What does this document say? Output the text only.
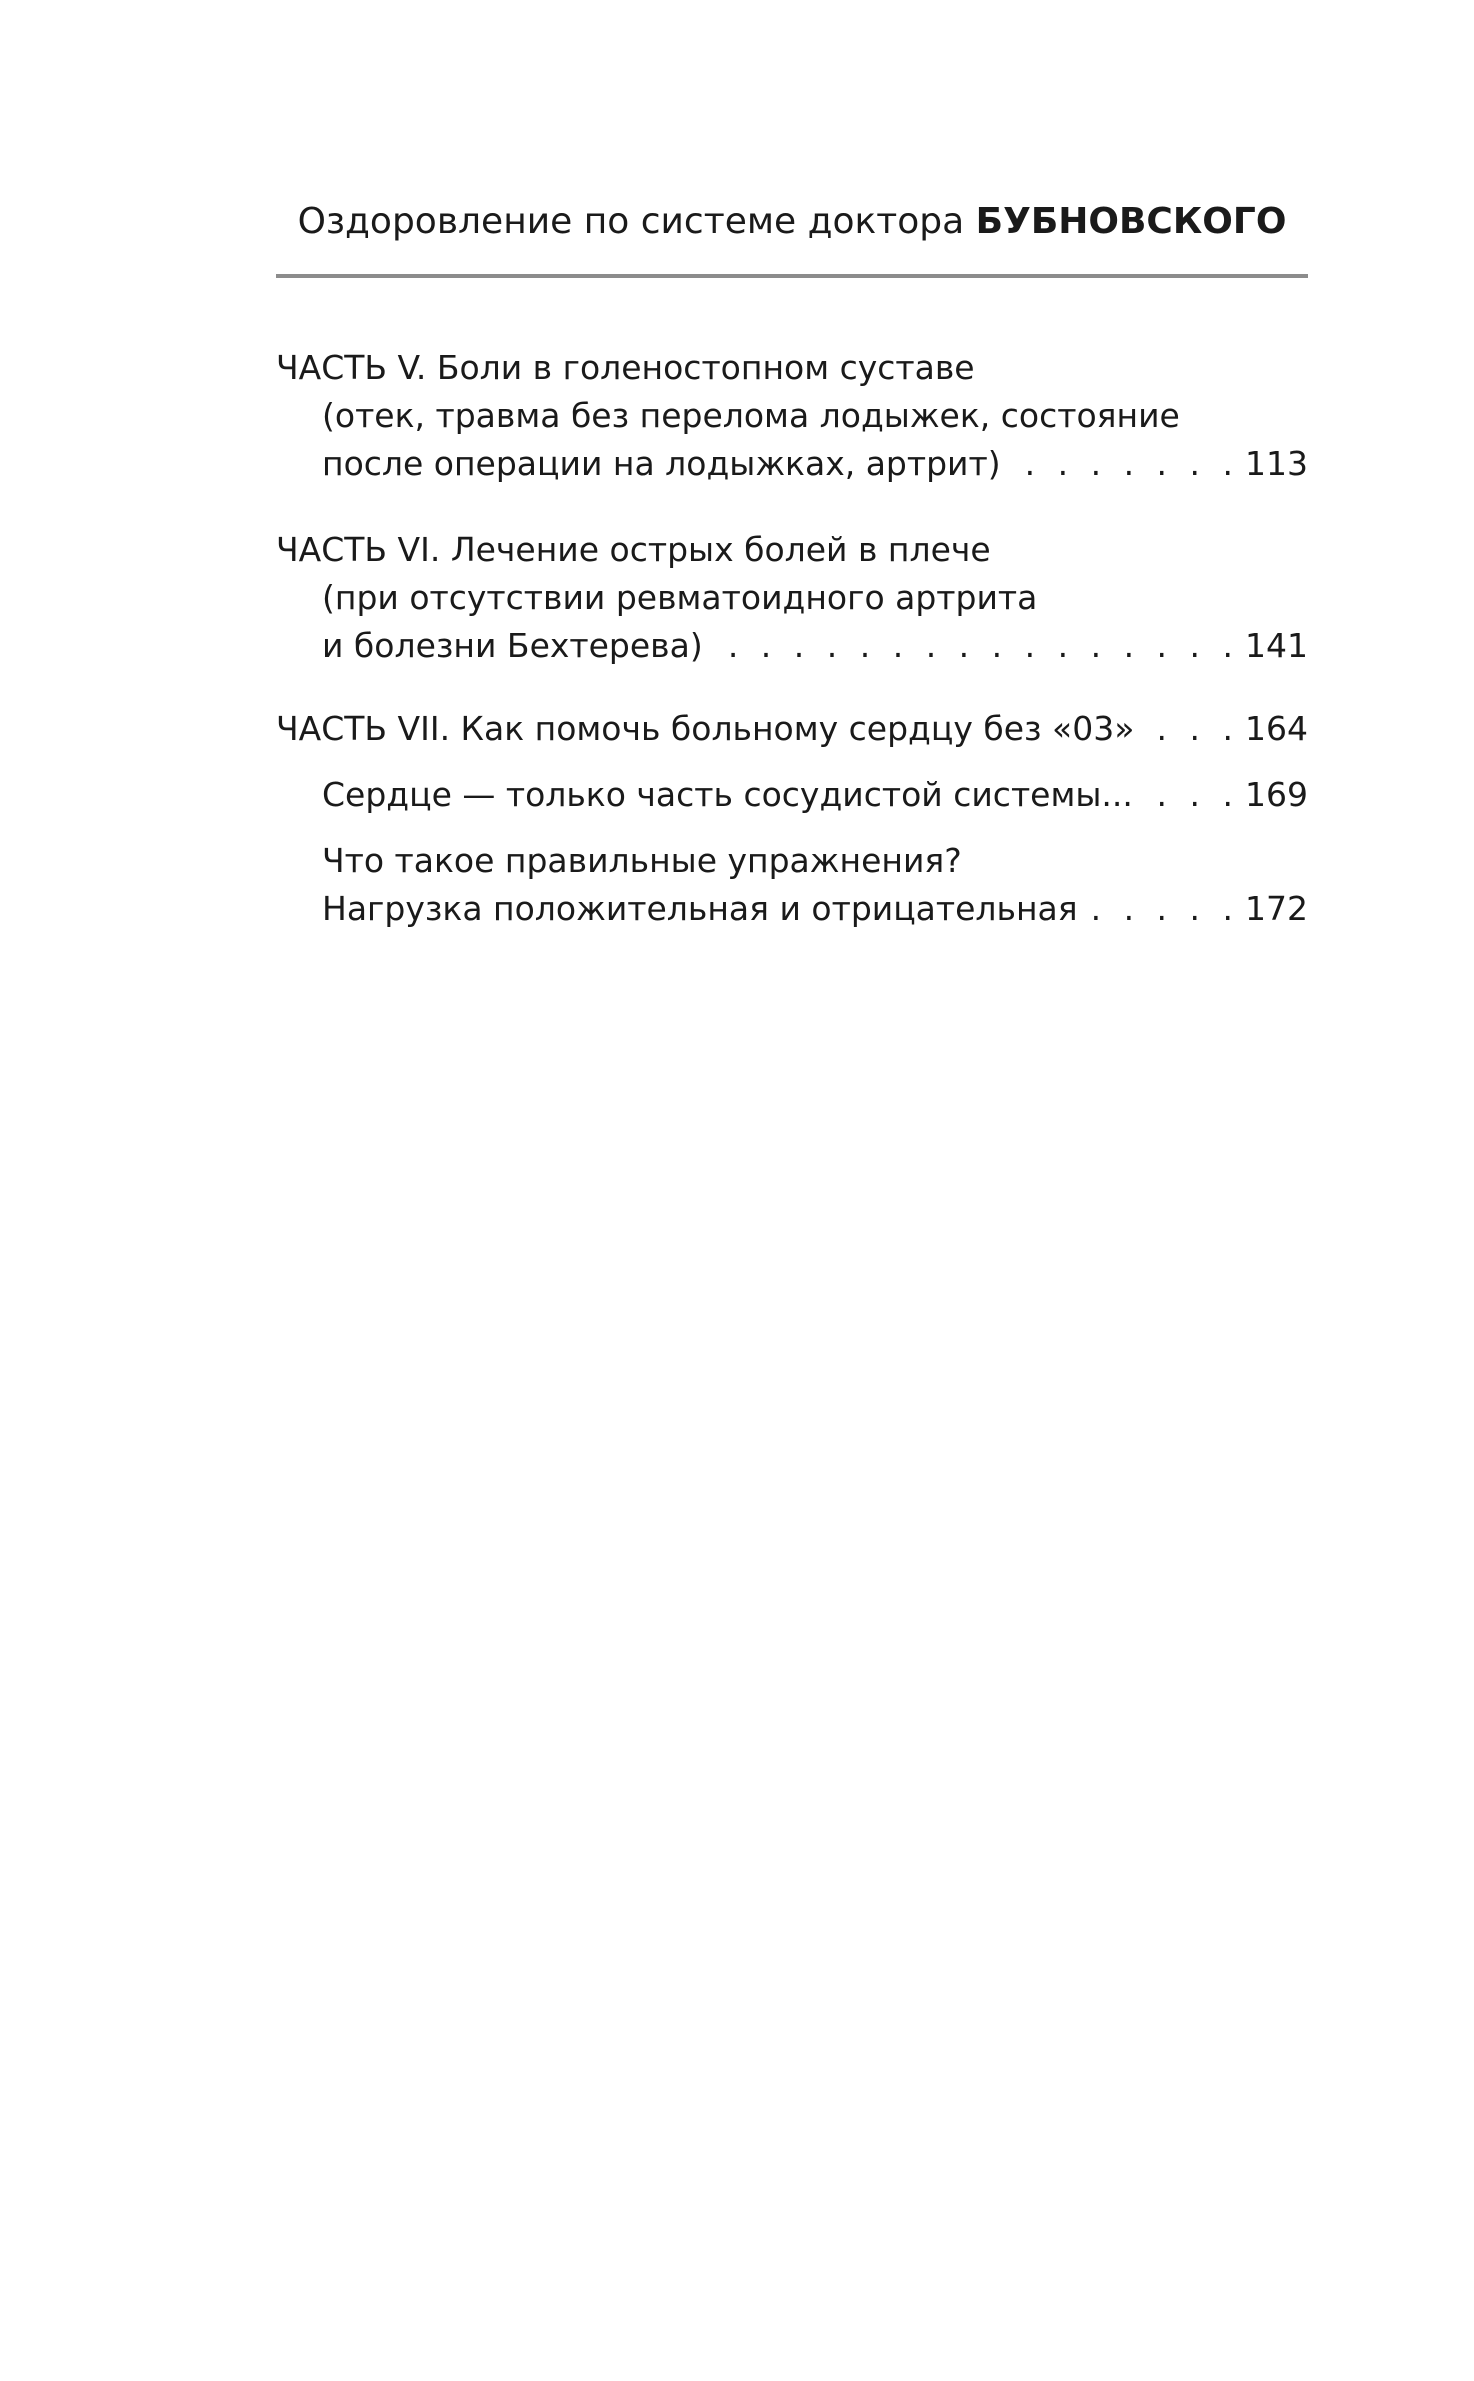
Оздоровление по системе доктора БУБНОВСКОГО
ЧАСТЬ V. Боли в голеностопном суставе
(отек, травма без перелома лодыжек, состояние
после операции на лодыжках, артрит) . . .	113
ЧАСТЬ VI. Лечение острых болей в плече
(при отсутствии ревматоидного артрита
и болезни Бехтерева) . . .	141
ЧАСТЬ VII. Как помочь больному сердцу без «03» . . .	164
Сердце — только часть сосудистой системы... . . .	169
Что такое правильные упражнения?
Нагрузка положительная и отрицательная . . .	172
